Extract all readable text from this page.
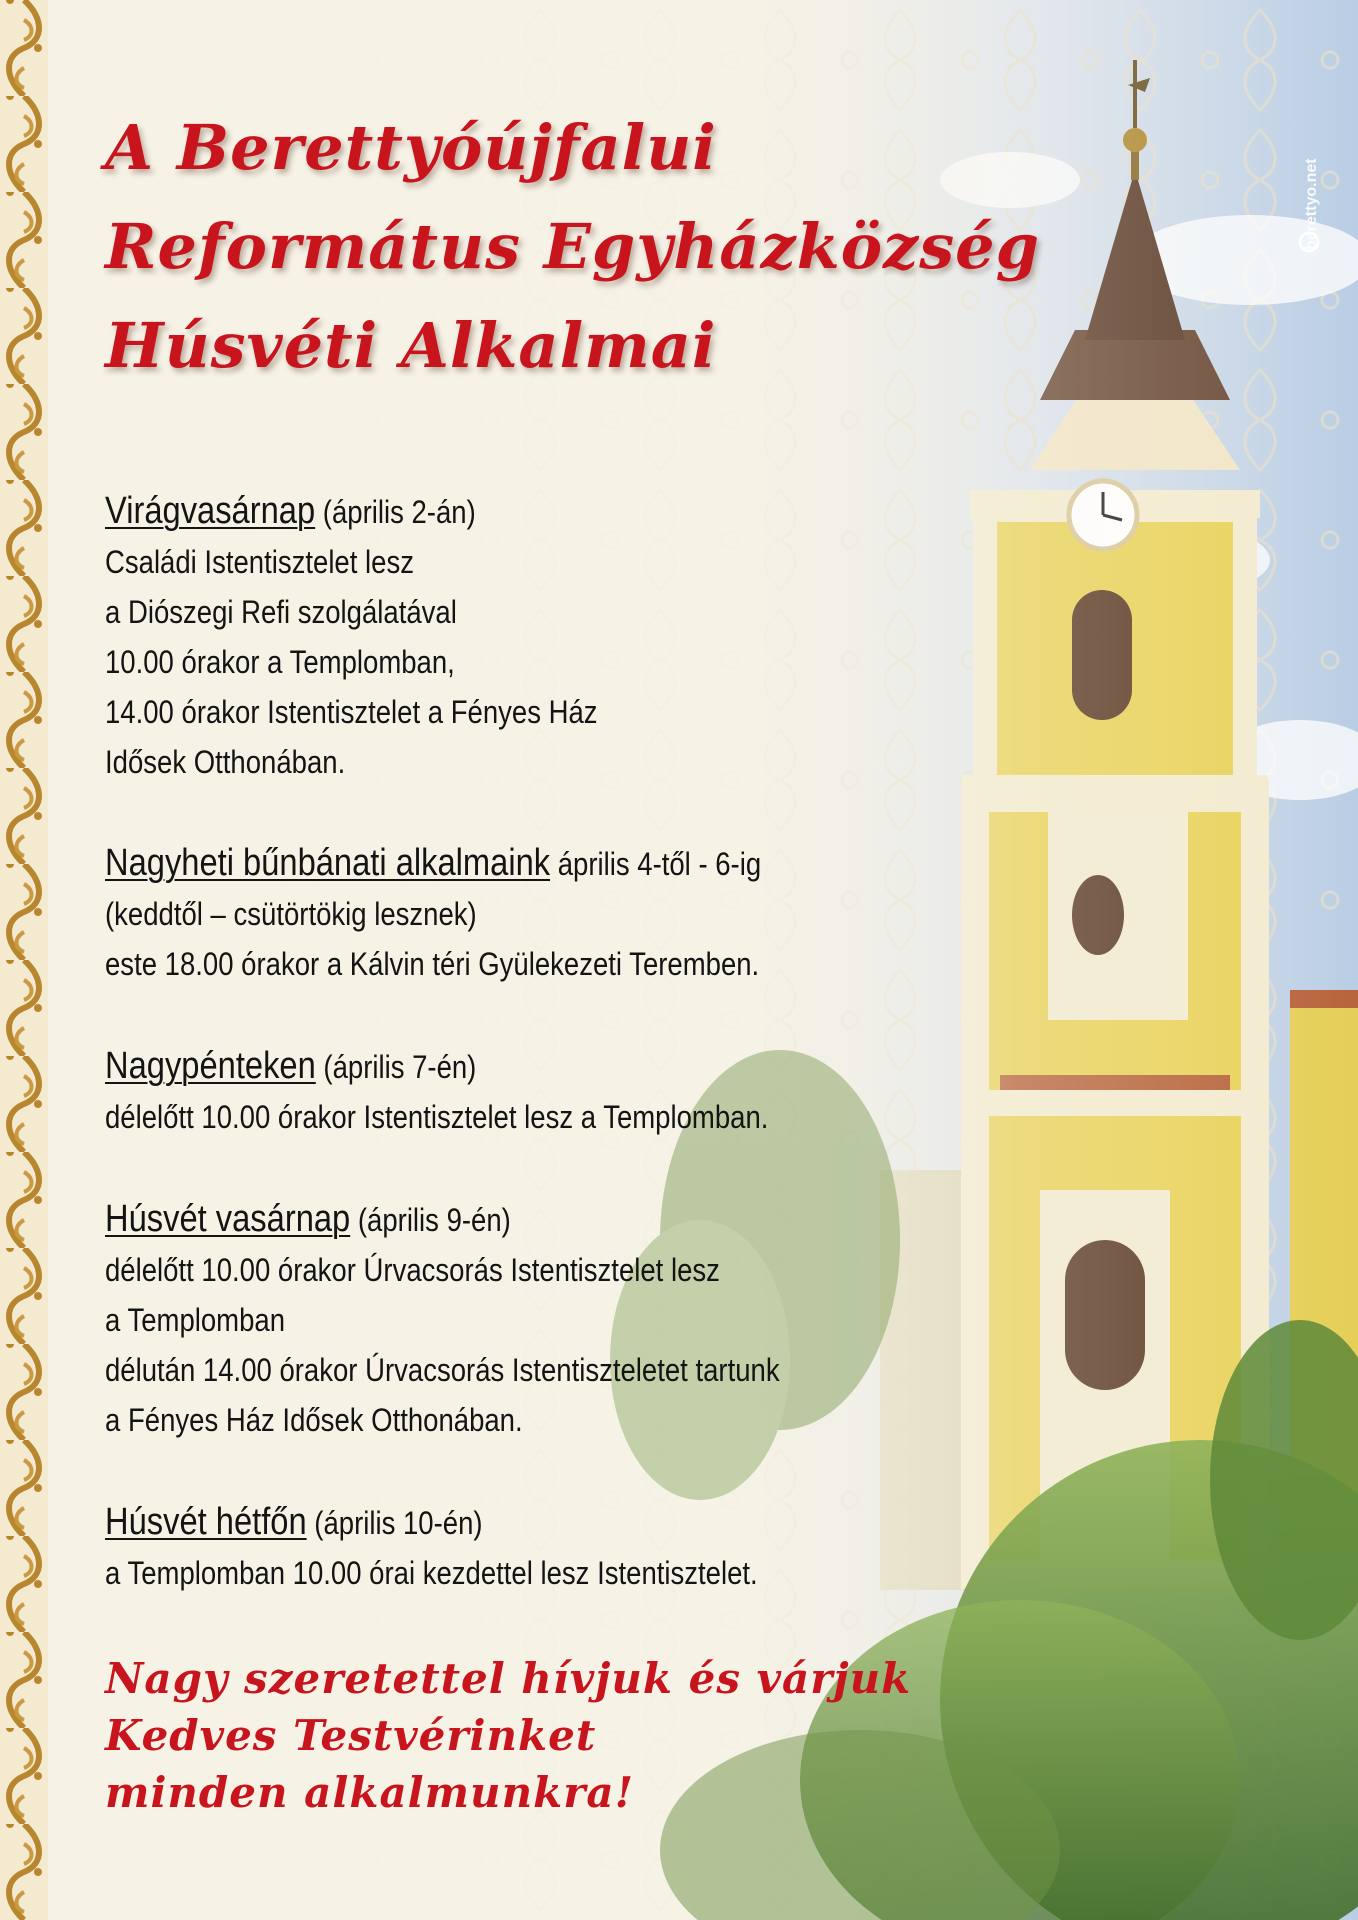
berettyo.net
A Berettyóújfalui
Református Egyházközség
Húsvéti Alkalmai
Virágvasárnap (április 2-án)
Családi Istentisztelet lesz
a Diószegi Refi szolgálatával
10.00 órakor a Templomban,
14.00 órakor Istentisztelet a Fényes Ház
Idősek Otthonában.
Nagyheti bűnbánati alkalmaink április 4-től - 6-ig
(keddtől – csütörtökig lesznek)
este 18.00 órakor a Kálvin téri Gyülekezeti Teremben.
Nagypénteken (április 7-én)
délelőtt 10.00 órakor Istentisztelet lesz a Templomban.
Húsvét vasárnap (április 9-én)
délelőtt 10.00 órakor Úrvacsorás Istentisztelet lesz
a Templomban
délután 14.00 órakor Úrvacsorás Istentiszteletet tartunk
a Fényes Ház Idősek Otthonában.
Húsvét hétfőn (április 10-én)
a Templomban 10.00 órai kezdettel lesz Istentisztelet.

Nagy szeretettel hívjuk és várjuk
Kedves Testvérinket
minden alkalmunkra!
